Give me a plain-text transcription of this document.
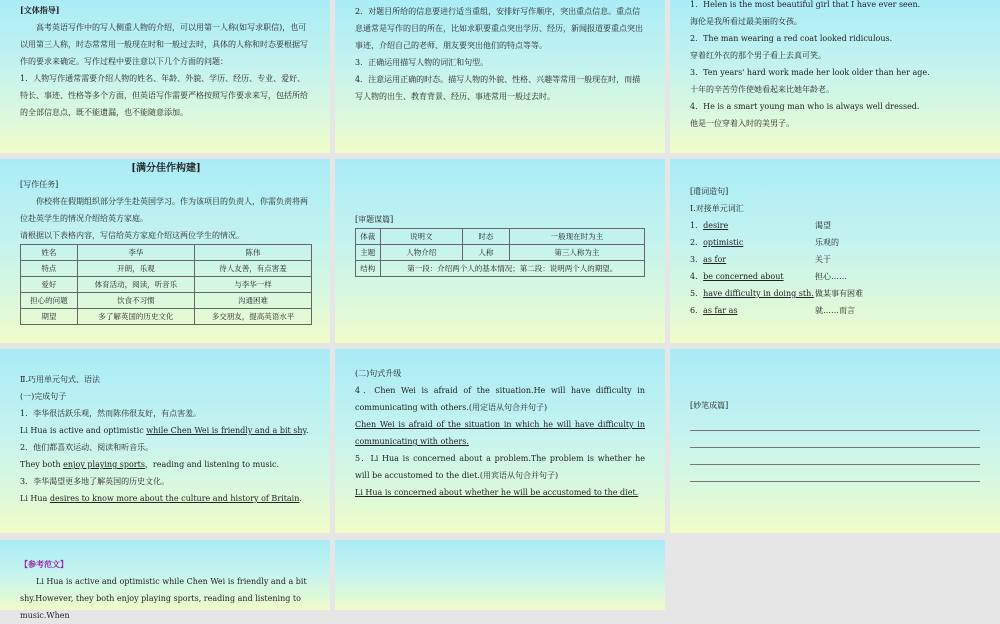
[文体指导]

高考英语写作中的写人侧重人物的介绍，可以用第一人称(如写求职信)，也可以用第三人称，时态常常用一般现在时和一般过去时，具体的人称和时态要根据写作的要求来确定。写作过程中要注意以下几个方面的问题：

1．人物写作通常需要介绍人物的姓名、年龄、外貌、学历、经历、专业、爱好、特长、事迹、性格等多个方面，但英语写作需要严格按照写作要求来写，包括所给的全部信息点，既不能遗漏，也不能随意添加。

2．对题目所给的信息要进行适当重组，安排好写作顺序，突出重点信息。重点信息通常是写作的目的所在，比如求职要重点突出学历、经历，新闻报道要重点突出事迹，介绍自己的老师、朋友要突出他们的特点等等。

3．正确运用描写人物的词汇和句型。

4．注意运用正确的时态。描写人物的外貌、性格、兴趣等常用一般现在时，而描写人物的出生、教育背景、经历、事迹常用一般过去时。

1．Helen is the most beautiful girl that I have ever seen.

海伦是我所看过最美丽的女孩。

2．The man wearing a red coat looked ridiculous.

穿着红外衣的那个男子看上去真可笑。

3．Ten years' hard work made her look older than her age.

十年的辛苦劳作使她看起来比她年龄老。

4．He is a smart young man who is always well dressed.

他是一位穿着入时的美男子。

[满分佳作构建]

[写作任务]

你校将在假期组织部分学生赴英国学习。作为该项目的负责人，你需负责将两位赴英学生的情况介绍给英方家庭。

请根据以下表格内容，写信给英方家庭介绍这两位学生的情况。

姓名	李华	陈伟
特点	开朗，乐观	待人友善，有点害羞
爱好	体育活动，阅读，听音乐	与李华一样
担心的问题	饮食不习惯	沟通困难
期望	多了解英国的历史文化	多交朋友，提高英语水平

[审题谋篇]

体裁	说明文	时态	一般现在时为主
主题	人物介绍	人称	第三人称为主
结构	第一段：介绍两个人的基本情况；第二段：说明两个人的期望。		

[遣词造句]

Ⅰ.对接单元词汇

1．desire	渴望
2．optimistic	乐观的
3．as for	关于
4．be concerned about	担心……
5．have difficulty in doing sth. 做某事有困难
6．as far as	就……而言

Ⅱ.巧用单元句式、语法

(一)完成句子

1．李华很活跃乐观，然而陈伟很友好，有点害羞。

Li Hua is active and optimistic while Chen Wei is friendly and a bit shy.

2．他们都喜欢运动、阅读和听音乐。

They both enjoy playing sports，reading and listening to music.

3．李华渴望更多地了解英国的历史文化。

Li Hua desires to know more about the culture and history of Britain.

(二)句式升级

4．Chen Wei is afraid of the situation.He will have difficulty in communicating with others.(用定语从句合并句子)

Chen Wei is afraid of the situation in which he will have difficulty in communicating with others.

5．Li Hua is concerned about a problem.The problem is whether he will be accustomed to the diet.(用宾语从句合并句子)

Li Hua is concerned about whether he will be accustomed to the diet.

[妙笔成篇]

【参考范文】

Li Hua is active and optimistic while Chen Wei is friendly and a bit shy.However, they both enjoy playing sports, reading and listening to music.When
